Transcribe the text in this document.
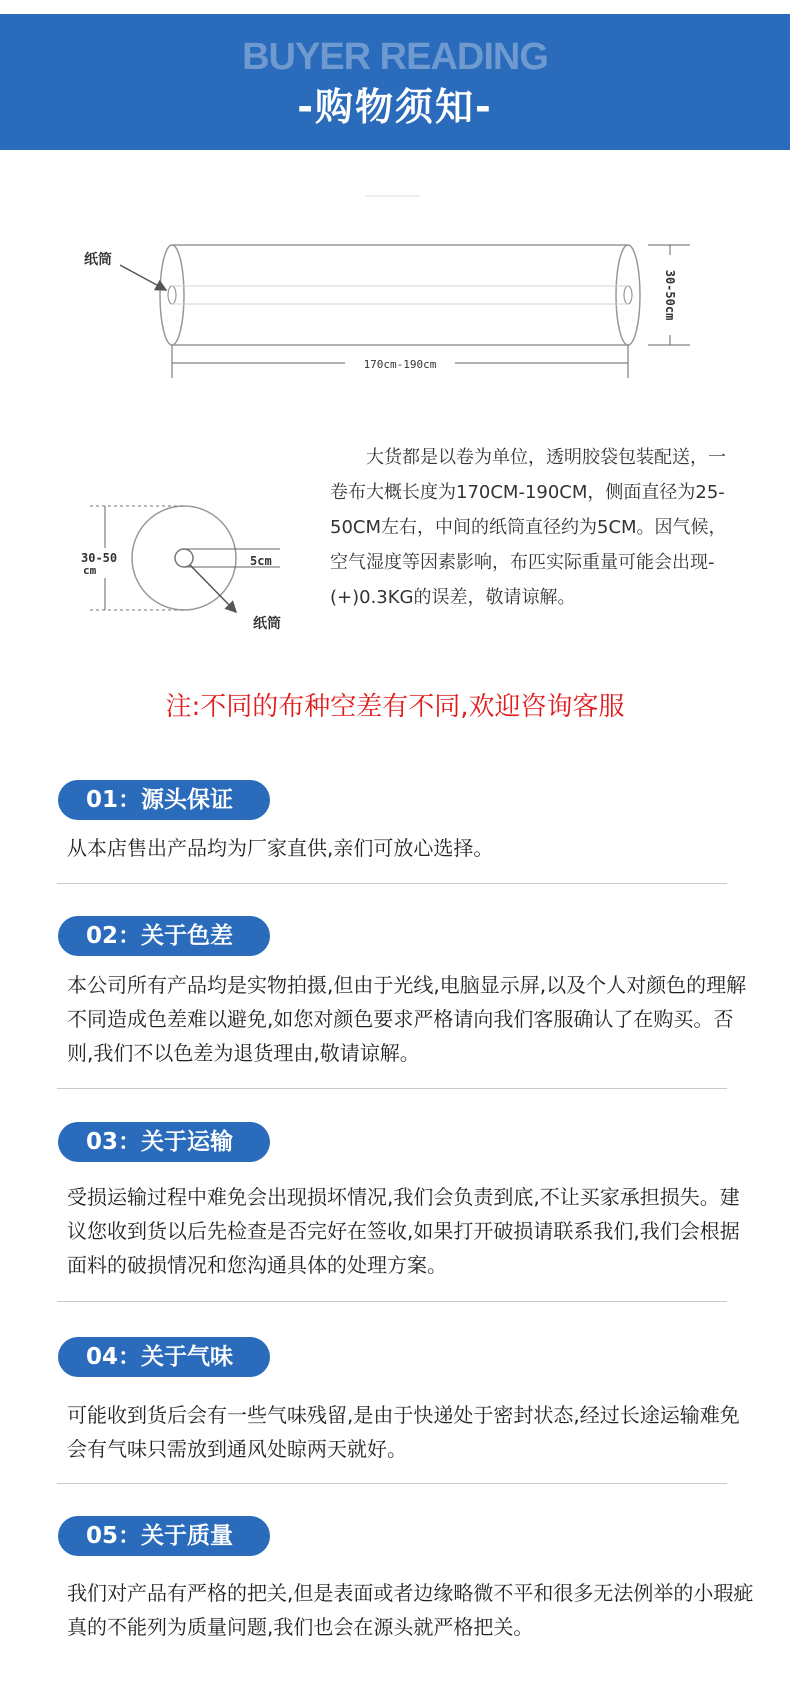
BUYER READING
-购物须知-
纸筒
170cm-190cm
30-50cm
30-50
cm
5cm
纸筒
大货都是以卷为单位，透明胶袋包装配送，一卷布大概长度为170CM-190CM，侧面直径为25-50CM左右，中间的纸筒直径约为5CM。因气候，空气湿度等因素影响，布匹实际重量可能会出现-(+)0.3KG的误差，敬请谅解。
注:不同的布种空差有不同,欢迎咨询客服
01：源头保证
从本店售出产品均为厂家直供,亲们可放心选择。
02：关于色差
本公司所有产品均是实物拍摄,但由于光线,电脑显示屏,以及个人对颜色的理解不同造成色差难以避免,如您对颜色要求严格请向我们客服确认了在购买。否则,我们不以色差为退货理由,敬请谅解。
03：关于运输
受损运输过程中难免会出现损坏情况,我们会负责到底,不让买家承担损失。建议您收到货以后先检查是否完好在签收,如果打开破损请联系我们,我们会根据面料的破损情况和您沟通具体的处理方案。
04：关于气味
可能收到货后会有一些气味残留,是由于快递处于密封状态,经过长途运输难免会有气味只需放到通风处晾两天就好。
05：关于质量
我们对产品有严格的把关,但是表面或者边缘略微不平和很多无法例举的小瑕疵真的不能列为质量问题,我们也会在源头就严格把关。
